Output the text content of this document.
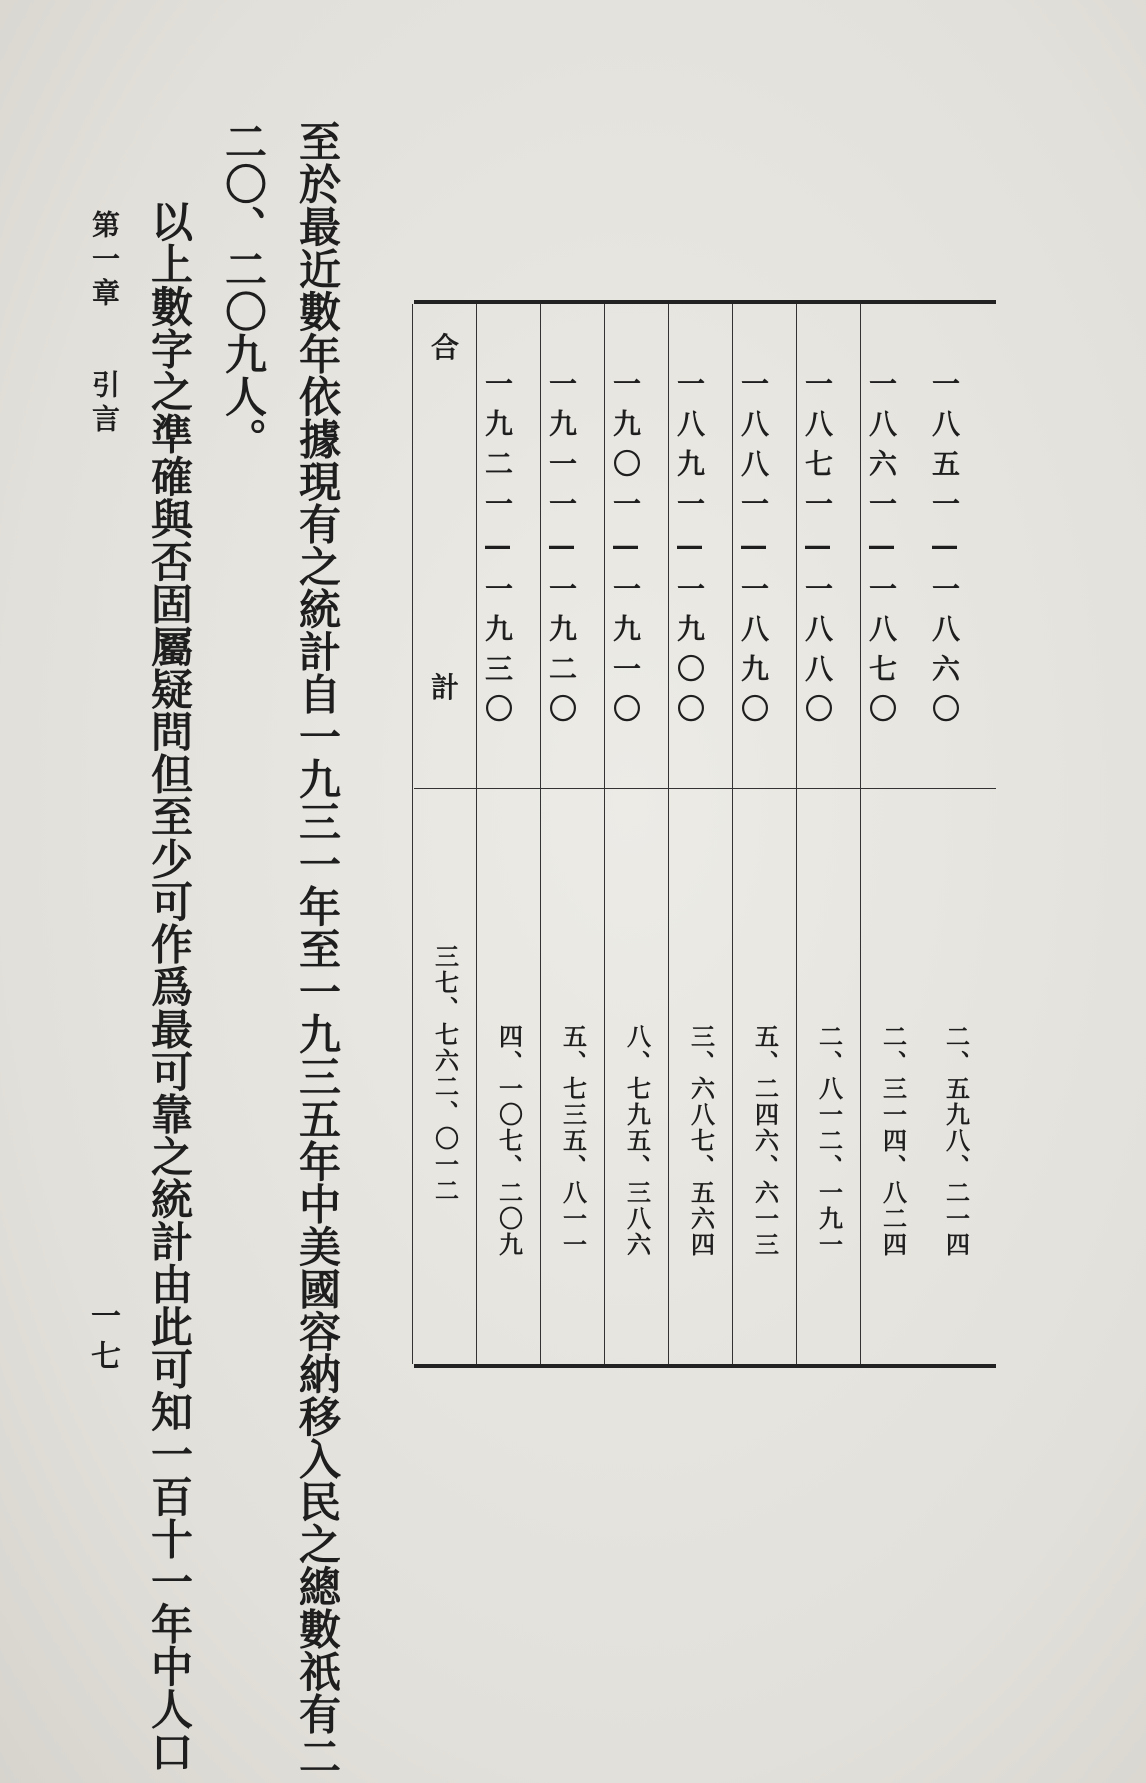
一八五一—一八六〇
二、五九八、二一四
一八六一—一八七〇
二、三一四、八二四
一八七一—一八八〇
二、八一二、一九一
一八八一—一八九〇
五、二四六、六一三
一八九一—一九〇〇
三、六八七、五六四
一九〇一—一九一〇
八、七九五、三八六
一九一一—一九二〇
五、七三五、八一一
一九二一—一九三〇
四、一〇七、二〇九
合
計
三七、七六二、〇一二
至於最近數年依據現有之統計自一九三一年至一九三五年中美國容納移入民之總數祇有二
二〇、二〇九人。
以上數字之準確與否固屬疑問但至少可作爲最可靠之統計由此可知一百十一年中人口
第一章
引言
一七
